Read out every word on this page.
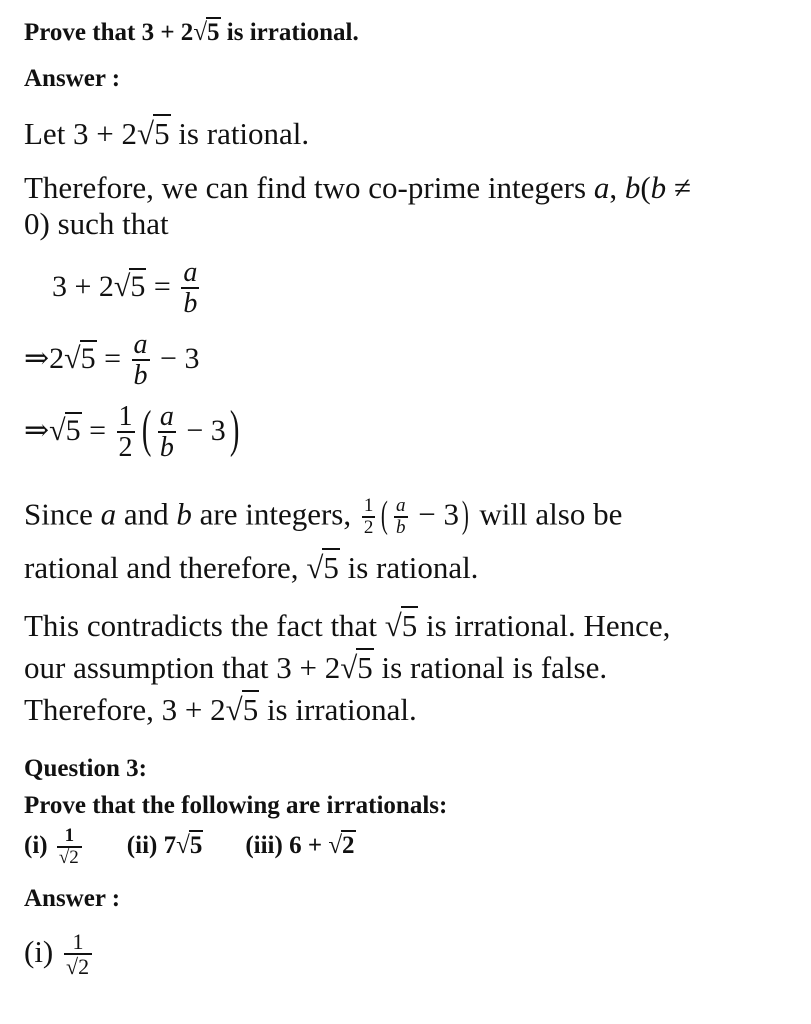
Prove that 3 + 2√5 is irrational.
Answer :
Let 3 + 2√5 is rational.
Therefore, we can find two co-prime integers a, b(b ≠
0) such that
$3 + 2√5 = \frac{a}{b}$
⇒2√5 = $\frac{a}{b} - 3$
⇒√5 = $\frac{1}{2}$ ( $\frac{a}{b} - 3$)
Since a and b are integers, $\frac{1}{2}$ ( $\frac{a}{b} - 3$) will also be
rational and therefore, √5 is rational.
This contradicts the fact that √5 is irrational. Hence,
our assumption that 3 + 2√5 is rational is false.
Therefore, 3 + 2√5 is irrational.
Question 3:
Prove that the following are irrationals:
$(i) \frac{1}{√2} (ii)$ 7√5 (iii) 6 + √2
Answer :
$(i) \frac{1}{√2}$
